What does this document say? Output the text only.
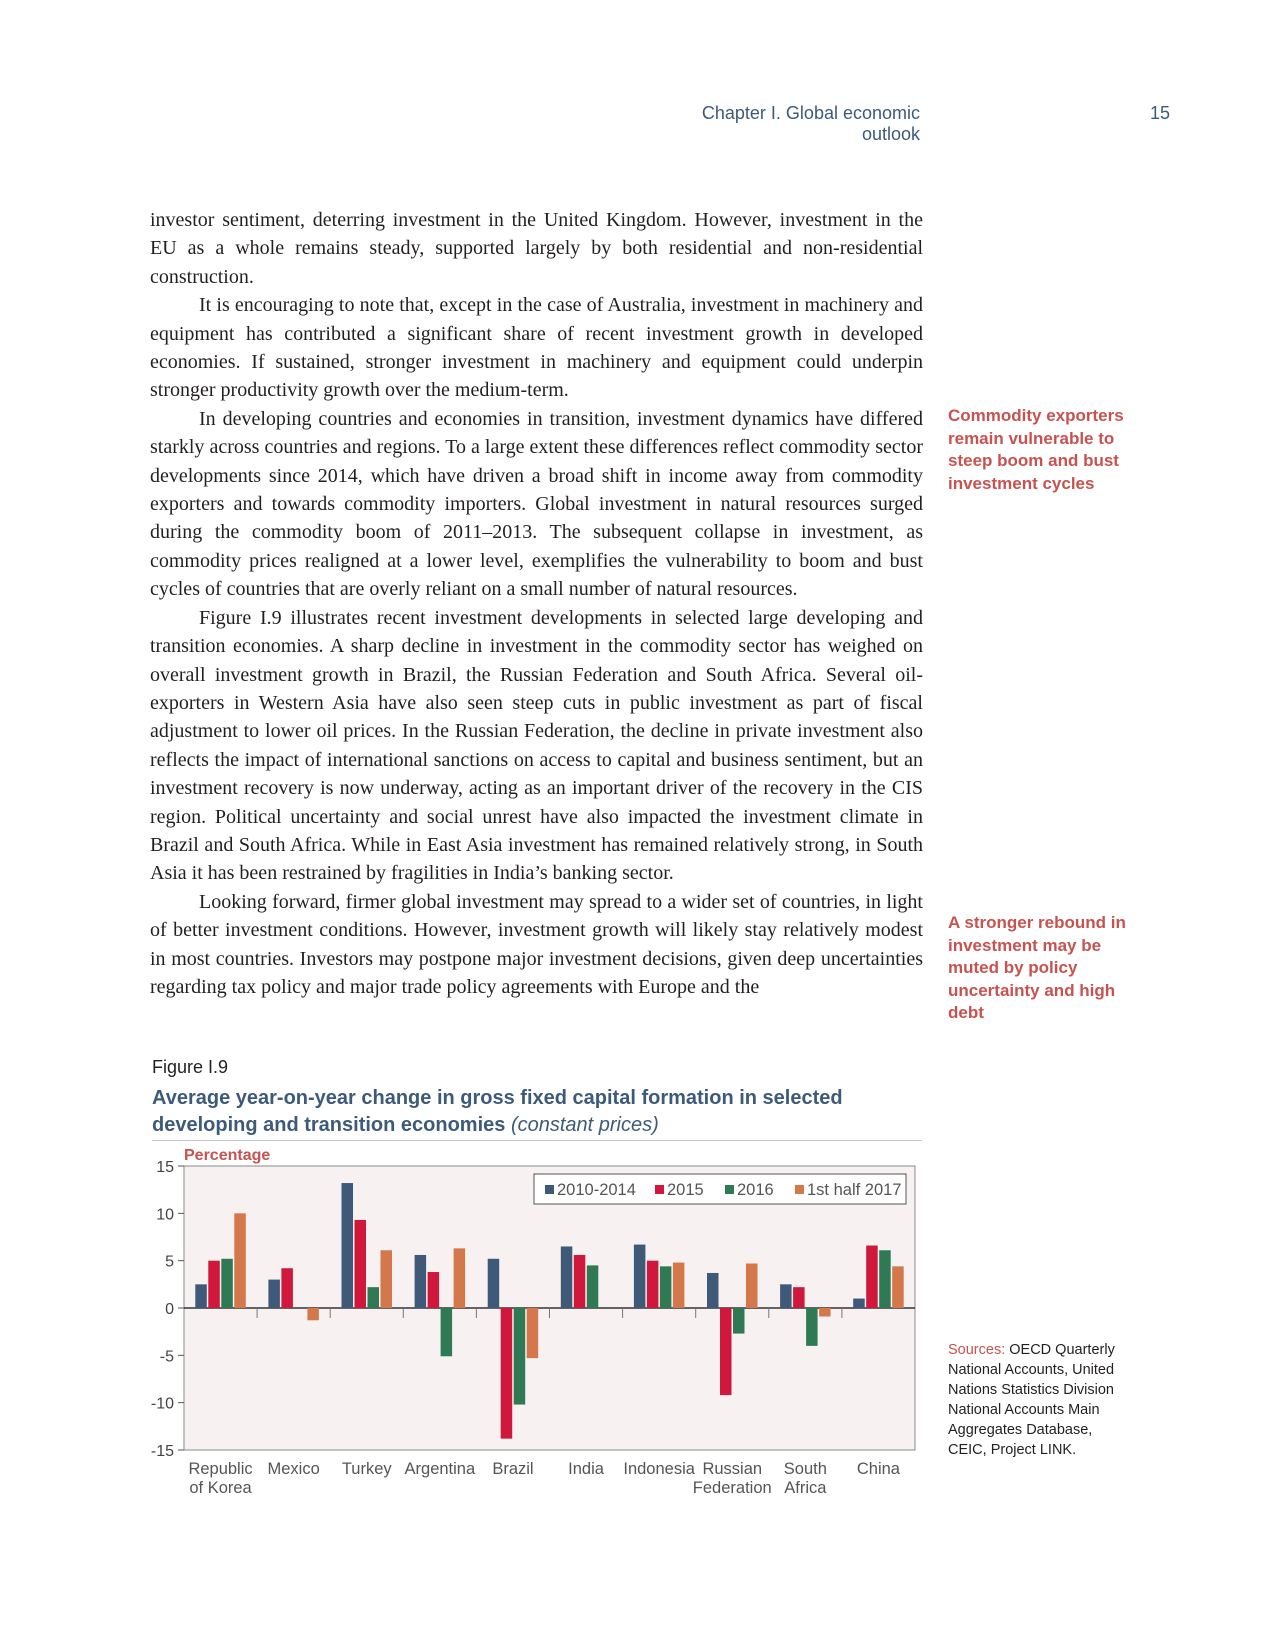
Chapter I. Global economic outlook
15

investor sentiment, deterring investment in the United Kingdom. However, investment in the EU as a whole remains steady, supported largely by both residential and non-residential construction.

It is encouraging to note that, except in the case of Australia, investment in machinery and equipment has contributed a significant share of recent investment growth in developed economies. If sustained, stronger investment in machinery and equipment could underpin stronger productivity growth over the medium-term.

In developing countries and economies in transition, investment dynamics have differed starkly across countries and regions. To a large extent these differences reflect commodity sector developments since 2014, which have driven a broad shift in income away from commodity exporters and towards commodity importers. Global investment in natural resources surged during the commodity boom of 2011–2013. The subsequent collapse in investment, as commodity prices realigned at a lower level, exemplifies the vulnerability to boom and bust cycles of countries that are overly reliant on a small number of natural resources.

Figure I.9 illustrates recent investment developments in selected large developing and transition economies. A sharp decline in investment in the commodity sector has weighed on overall investment growth in Brazil, the Russian Federation and South Africa. Several oil-exporters in Western Asia have also seen steep cuts in public investment as part of fiscal adjustment to lower oil prices. In the Russian Federation, the decline in private investment also reflects the impact of international sanctions on access to capital and business sentiment, but an investment recovery is now underway, acting as an important driver of the recovery in the CIS region. Political uncertainty and social unrest have also impacted the investment climate in Brazil and South Africa. While in East Asia investment has remained relatively strong, in South Asia it has been restrained by fragilities in India’s banking sector.

Looking forward, firmer global investment may spread to a wider set of countries, in light of better investment conditions. However, investment growth will likely stay relatively modest in most countries. Investors may postpone major investment decisions, given deep uncertainties regarding tax policy and major trade policy agreements with Europe and the

Commodity exporters remain vulnerable to steep boom and bust investment cycles
A stronger rebound in investment may be muted by policy uncertainty and high debt
Figure I.9
Average year-on-year change in gross fixed capital formation in selected developing and transition economies (constant prices)
15
10
5
0
-5
-10
-15
Percentage
Republic
of Korea
Mexico Turkey Argentina Brazil India Indonesia Russian
Federation
South
Africa
China
2010-2014 2015 2016 1st half 2017
Sources: OECD Quarterly National Accounts, United Nations Statistics Division National Accounts Main Aggregates Database, CEIC, Project LINK.
